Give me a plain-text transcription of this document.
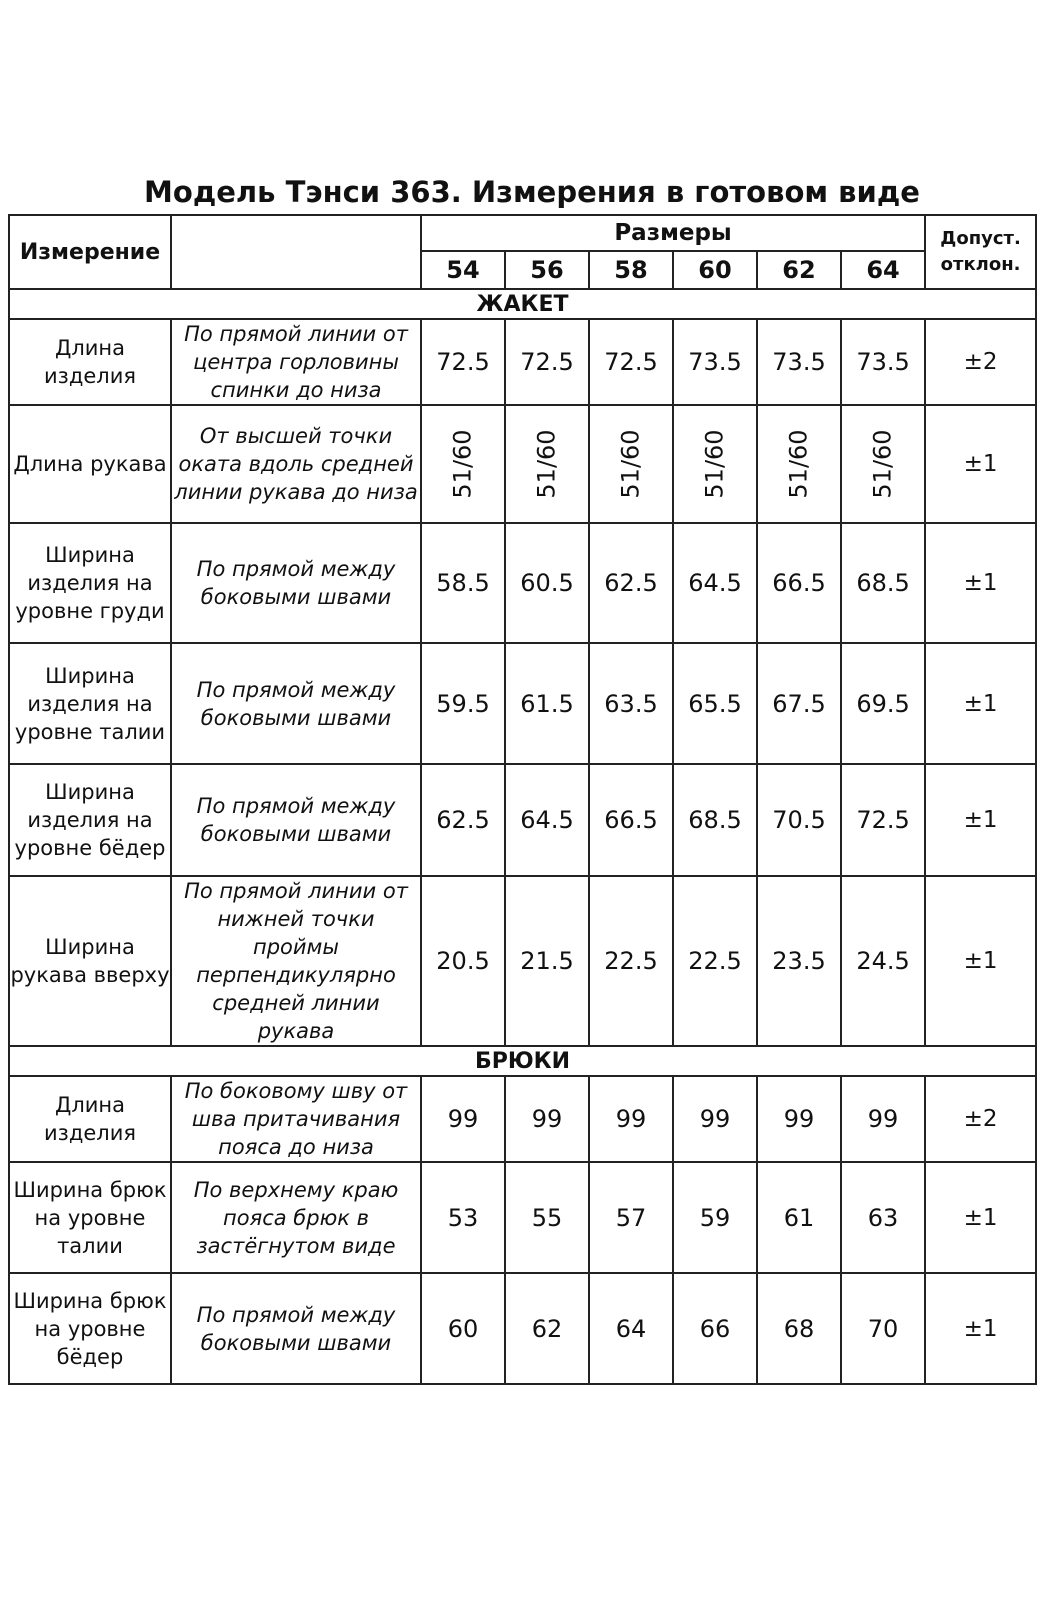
Модель Тэнси 363. Измерения в готовом виде
Измерение		Размеры						Допуст. отклон.
		54	56	58	60	62	64	
ЖАКЕТ								
Длина изделия	По прямой линии от центра горловины спинки до низа	72.5	72.5	72.5	73.5	73.5	73.5	±2
Длина рукава	От высшей точки оката вдоль средней линии рукава до низа	51/60	51/60	51/60	51/60	51/60	51/60	±1
Ширина изделия на уровне груди	По прямой между боковыми швами	58.5	60.5	62.5	64.5	66.5	68.5	±1
Ширина изделия на уровне талии	По прямой между боковыми швами	59.5	61.5	63.5	65.5	67.5	69.5	±1
Ширина изделия на уровне бёдер	По прямой между боковыми швами	62.5	64.5	66.5	68.5	70.5	72.5	±1
Ширина рукава вверху	По прямой линии от нижней точки проймы перпендикулярно средней линии рукава	20.5	21.5	22.5	22.5	23.5	24.5	±1
БРЮКИ								
Длина изделия	По боковому шву от шва притачивания пояса до низа	99	99	99	99	99	99	±2
Ширина брюк на уровне талии	По верхнему краю пояса брюк в застёгнутом виде	53	55	57	59	61	63	±1
Ширина брюк на уровне бёдер	По прямой между боковыми швами	60	62	64	66	68	70	±1
